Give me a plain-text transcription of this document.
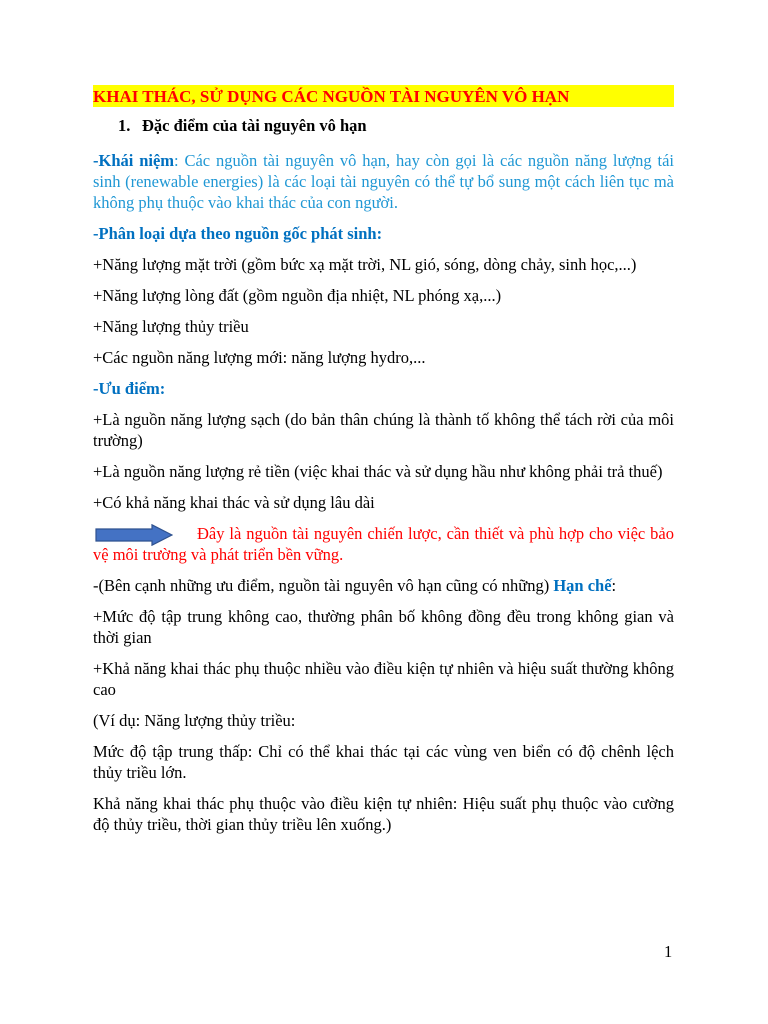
KHAI THÁC, SỬ DỤNG CÁC NGUỒN TÀI NGUYÊN VÔ HẠN
1. Đặc điểm của tài nguyên vô hạn

-Khái niệm: Các nguồn tài nguyên vô hạn, hay còn gọi là các nguồn năng lượng tái sinh (renewable energies) là các loại tài nguyên có thể tự bổ sung một cách liên tục mà không phụ thuộc vào khai thác của con người.

-Phân loại dựa theo nguồn gốc phát sinh:

+Năng lượng mặt trời (gồm bức xạ mặt trời, NL gió, sóng, dòng chảy, sinh học,...)

+Năng lượng lòng đất (gồm nguồn địa nhiệt, NL phóng xạ,...)

+Năng lượng thủy triều

+Các nguồn năng lượng mới: năng lượng hydro,...

-Ưu điểm:

+Là nguồn năng lượng sạch (do bản thân chúng là thành tố không thể tách rời của môi trường)

+Là nguồn năng lượng rẻ tiền (việc khai thác và sử dụng hầu như không phải trả thuế)

+Có khả năng khai thác và sử dụng lâu dài

Đây là nguồn tài nguyên chiến lược, cần thiết và phù hợp cho việc bảo vệ môi trường và phát triển bền vững.

-(Bên cạnh những ưu điểm, nguồn tài nguyên vô hạn cũng có những) Hạn chế:

+Mức độ tập trung không cao, thường phân bố không đồng đều trong không gian và thời gian

+Khả năng khai thác phụ thuộc nhiều vào điều kiện tự nhiên và hiệu suất thường không cao

(Ví dụ: Năng lượng thủy triều:

Mức độ tập trung thấp: Chỉ có thể khai thác tại các vùng ven biển có độ chênh lệch thủy triều lớn.

Khả năng khai thác phụ thuộc vào điều kiện tự nhiên: Hiệu suất phụ thuộc vào cường độ thủy triều, thời gian thủy triều lên xuống.)

1
